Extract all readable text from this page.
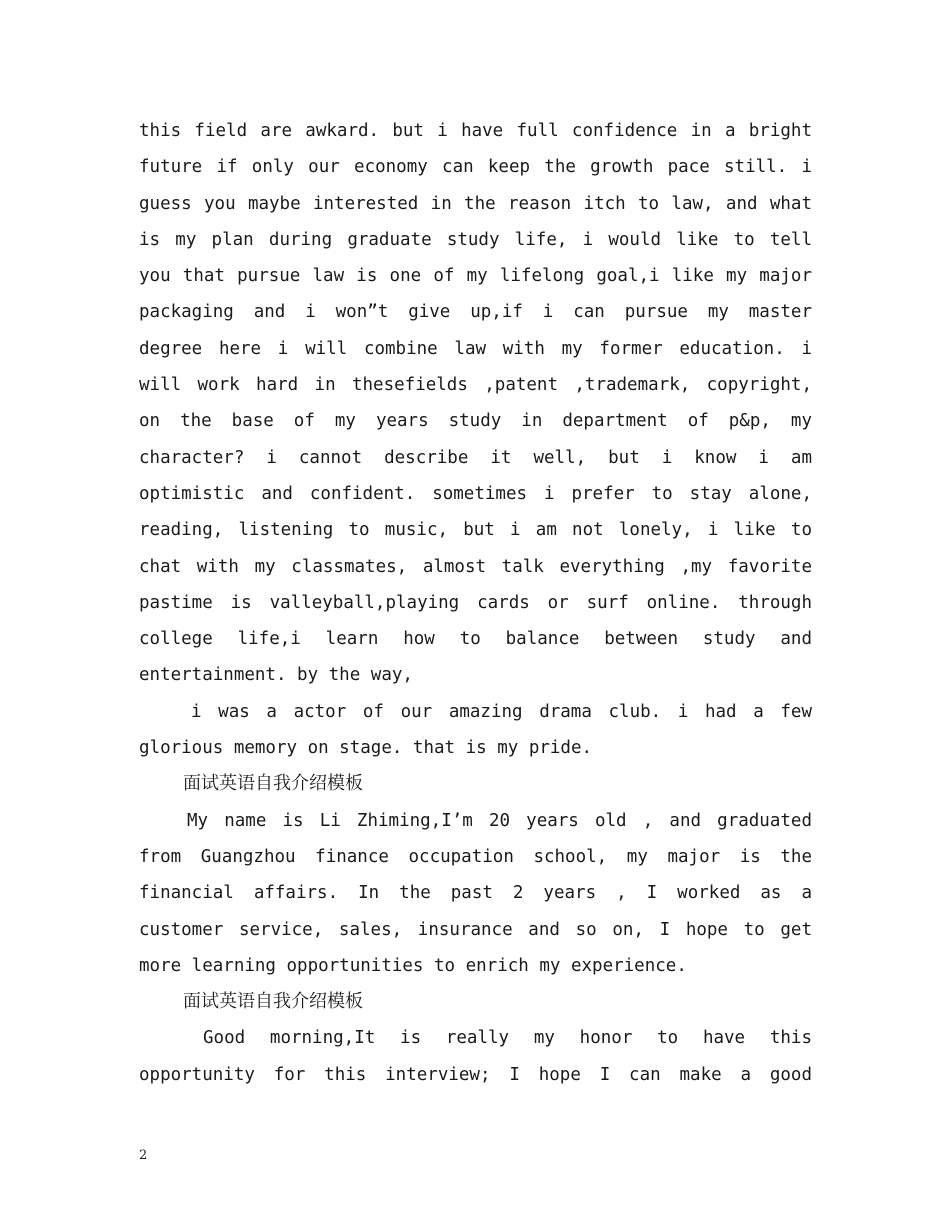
this field are awkard. but i have full confidence in a bright
future if only our economy can keep the growth pace still. i
guess you maybe interested in the reason itch to law, and what
is my plan during graduate study life, i would like to tell
you that pursue law is one of my lifelong goal,i like my major
packaging and i won”t give up,if i can pursue my master
degree here i will combine law with my former education. i
will work hard in thesefields ,patent ,trademark, copyright,
on the base of my years study in department of p&p, my
character? i cannot describe it well, but i know i am
optimistic and confident. sometimes i prefer to stay alone,
reading, listening to music, but i am not lonely, i like to
chat with my classmates, almost talk everything ,my favorite
pastime is valleyball,playing cards or surf online. through
college life,i learn how to balance between study and
entertainment. by the way,
i was a actor of our amazing drama club. i had a few
glorious memory on stage. that is my pride.
面试英语自我介绍模板
My name is Li Zhiming,I’m 20 years old , and graduated
from Guangzhou finance occupation school, my major is the
financial affairs. In the past 2 years , I worked as a
customer service, sales, insurance and so on, I hope to get
more learning opportunities to enrich my experience.
面试英语自我介绍模板
Good morning,It is really my honor to have this
opportunity for this interview; I hope I can make a good
2
